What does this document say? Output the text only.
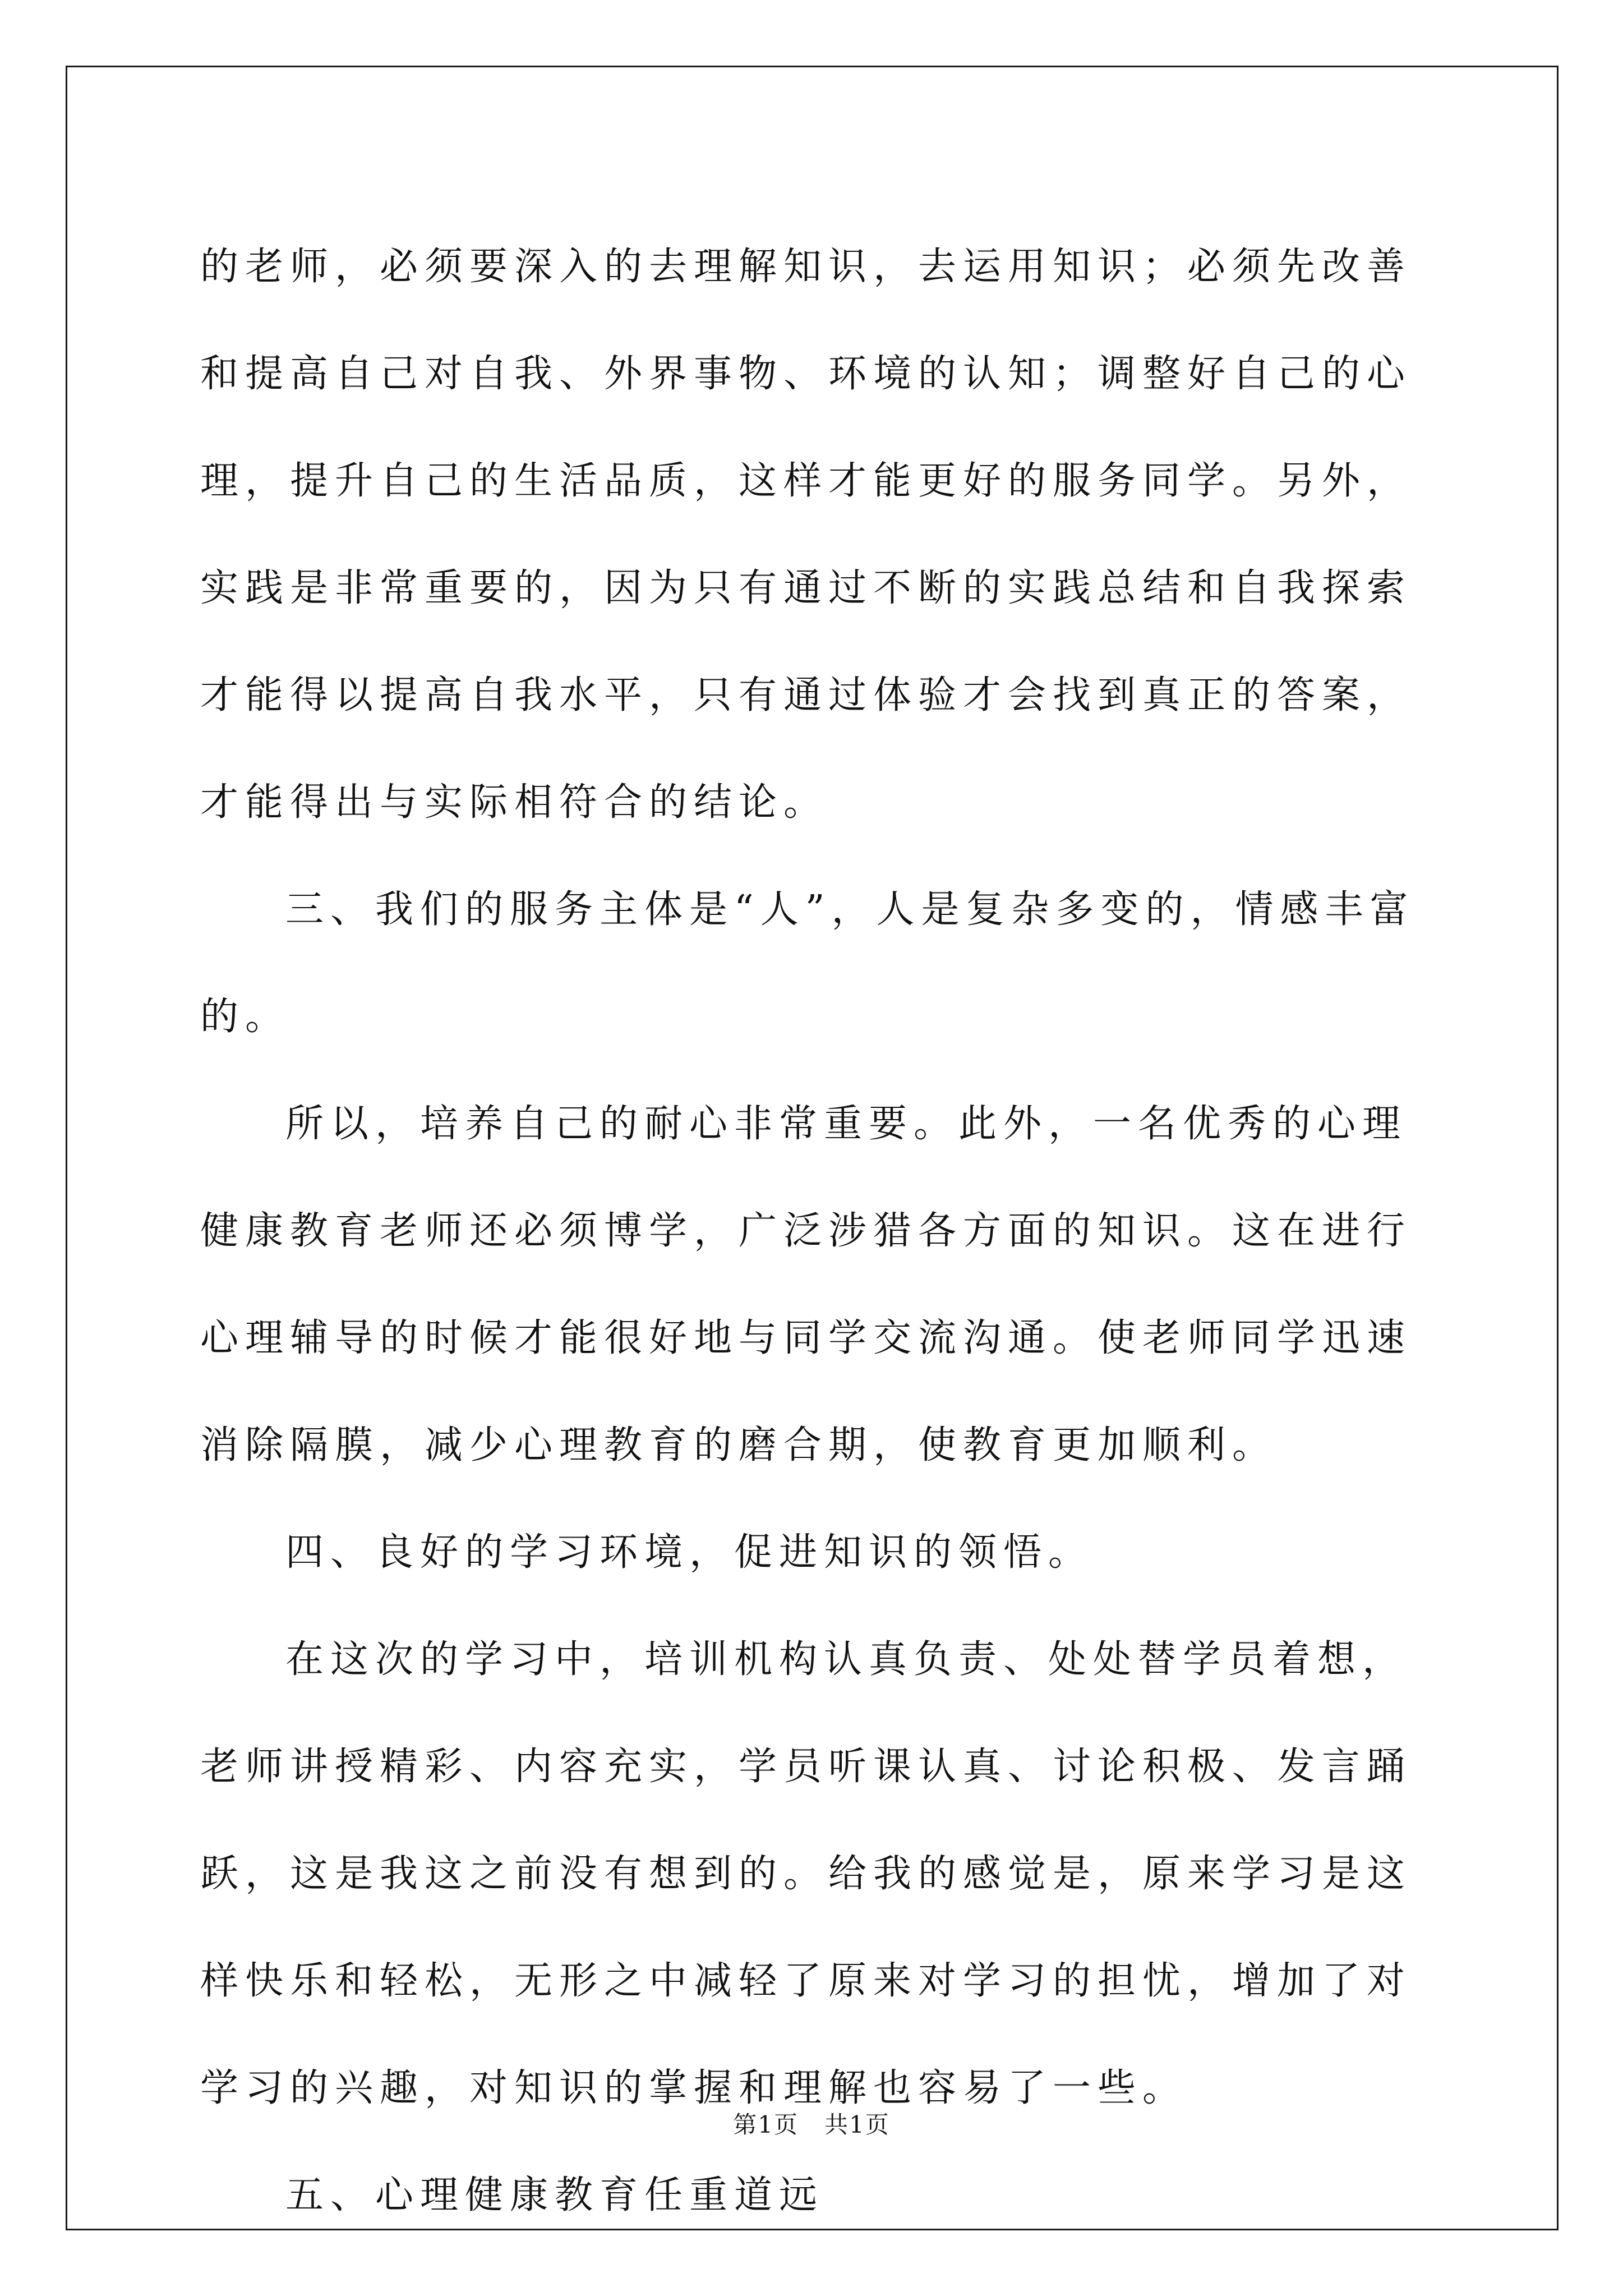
的老师，必须要深入的去理解知识，去运用知识；必须先改善和提高自己对自我、外界事物、环境的认知；调整好自己的心理，提升自己的生活品质，这样才能更好的服务同学。另外，实践是非常重要的，因为只有通过不断的实践总结和自我探索才能得以提高自我水平，只有通过体验才会找到真正的答案，才能得出与实际相符合的结论。

三、我们的服务主体是“人”，人是复杂多变的，情感丰富的。

所以，培养自己的耐心非常重要。此外，一名优秀的心理健康教育老师还必须博学，广泛涉猎各方面的知识。这在进行心理辅导的时候才能很好地与同学交流沟通。使老师同学迅速消除隔膜，减少心理教育的磨合期，使教育更加顺利。

四、良好的学习环境，促进知识的领悟。

在这次的学习中，培训机构认真负责、处处替学员着想，老师讲授精彩、内容充实，学员听课认真、讨论积极、发言踊跃，这是我这之前没有想到的。给我的感觉是，原来学习是这样快乐和轻松，无形之中减轻了原来对学习的担忧，增加了对学习的兴趣，对知识的掌握和理解也容易了一些。

五、心理健康教育任重道远

第1页 共1页
